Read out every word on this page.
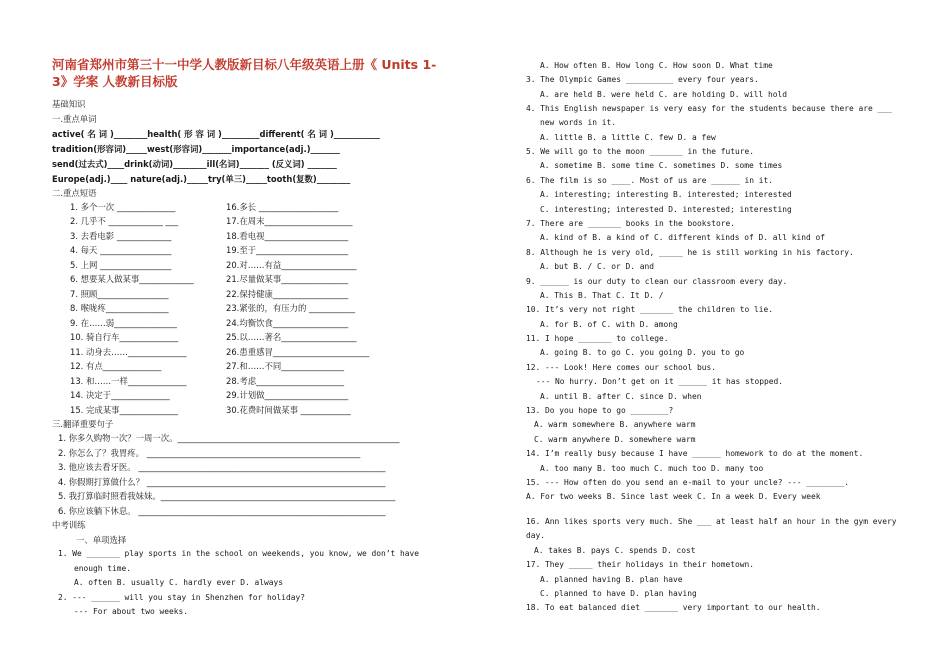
河南省郑州市第三十一中学人教版新目标八年级英语上册《 Units 1-
3》学案 人教新目标版
基础知识
一.重点单词
active( 名 词 )________health( 形 容 词 )_________different( 名 词 )___________
tradition(形容词)_____west(形容词)_______importance(adj.)_______
send(过去式)____drink(动词)________ill(名词)_______ (反义词) _______
Europe(adj.)____ nature(adj.)_____try(单三)_____tooth(复数)________
二.重点短语
1. 多个一次 ______________	16.多长 ___________________
2. 几乎不 _____________ ___	17.在周末_____________________
3. 去看电影 _____________	18.看电视____________________
4. 每天 _________________	19.至于______________________
5. 上网 _________________	20.对……有益__________________
6. 想要某人做某事_____________	21.尽量做某事________________
7. 照顾_________________	22.保持健康__________________
8. 喉咙疼_______________	23.紧张的，有压力的 ___________
9. 在……弱_______________	24.均衡饮食__________________
10. 骑自行车______________	25.以……著名__________________
11. 动身去……______________	26.患重感冒_______________________
12. 有点______________	27.和……不同_______________
13. 和……一样______________	28.考虑_____________________
14. 决定于______________	29.计划做____________________
15. 完成某事______________	30.花费时间做某事 ____________
三.翻译重要句子
1. 你多久购物一次？一周一次。_____________________________________________________
2. 你怎么了？我胃疼。 ___________________________________________________
3. 他应该去看牙医。 ___________________________________________________________
4. 你假期打算做什么？ _________________________________________________________
5. 我打算临时照看我妹妹。________________________________________________________
6. 你应该躺下休息。 ___________________________________________________________
中考训练
一、单项选择
1. We _______ play sports in the school on weekends, you know, we don’t have
enough time.
A. often B. usually C. hardly ever D. always
2. --- ______ will you stay in Shenzhen for holiday?
--- For about two weeks.
A. How often B. How long C. How soon D. What time
3. The Olympic Games __________ every four years.
A. are held B. were held C. are holding D. will hold
4. This English newspaper is very easy for the students because there are ___
new words in it.
A. little B. a little C. few D. a few
5. We will go to the moon _______ in the future.
A. sometime B. some time C. sometimes D. some times
6. The film is so ____. Most of us are ______ in it.
A. interesting; interesting B. interested; interested
C. interesting; interested D. interested; interesting
7. There are _______ books in the bookstore.
A. kind of B. a kind of C. different kinds of D. all kind of
8. Although he is very old, _____ he is still working in his factory.
A. but B. / C. or D. and
9. ______ is our duty to clean our classroom every day.
A. This B. That C. It D. /
10. It’s very not right _______ the children to lie.
A. for B. of C. with D. among
11. I hope _______ to college.
A. going B. to go C. you going D. you to go
12. --- Look! Here comes our school bus.
--- No hurry. Don’t get on it ______ it has stopped.
A. until B. after C. since D. when
13. Do you hope to go ________?
A. warm somewhere B. anywhere warm
C. warm anywhere D. somewhere warm
14. I’m really busy because I have ______ homework to do at the moment.
A. too many B. too much C. much too D. many too
15. --- How often do you send an e-mail to your uncle? --- ________.
A. For two weeks B. Since last week C. In a week D. Every week
16. Ann likes sports very much. She ___ at least half an hour in the gym every
day.
A. takes B. pays C. spends D. cost
17. They _____ their holidays in their hometown.
A. planned having B. plan have
C. planned to have D. plan having
18. To eat balanced diet _______ very important to our health.
